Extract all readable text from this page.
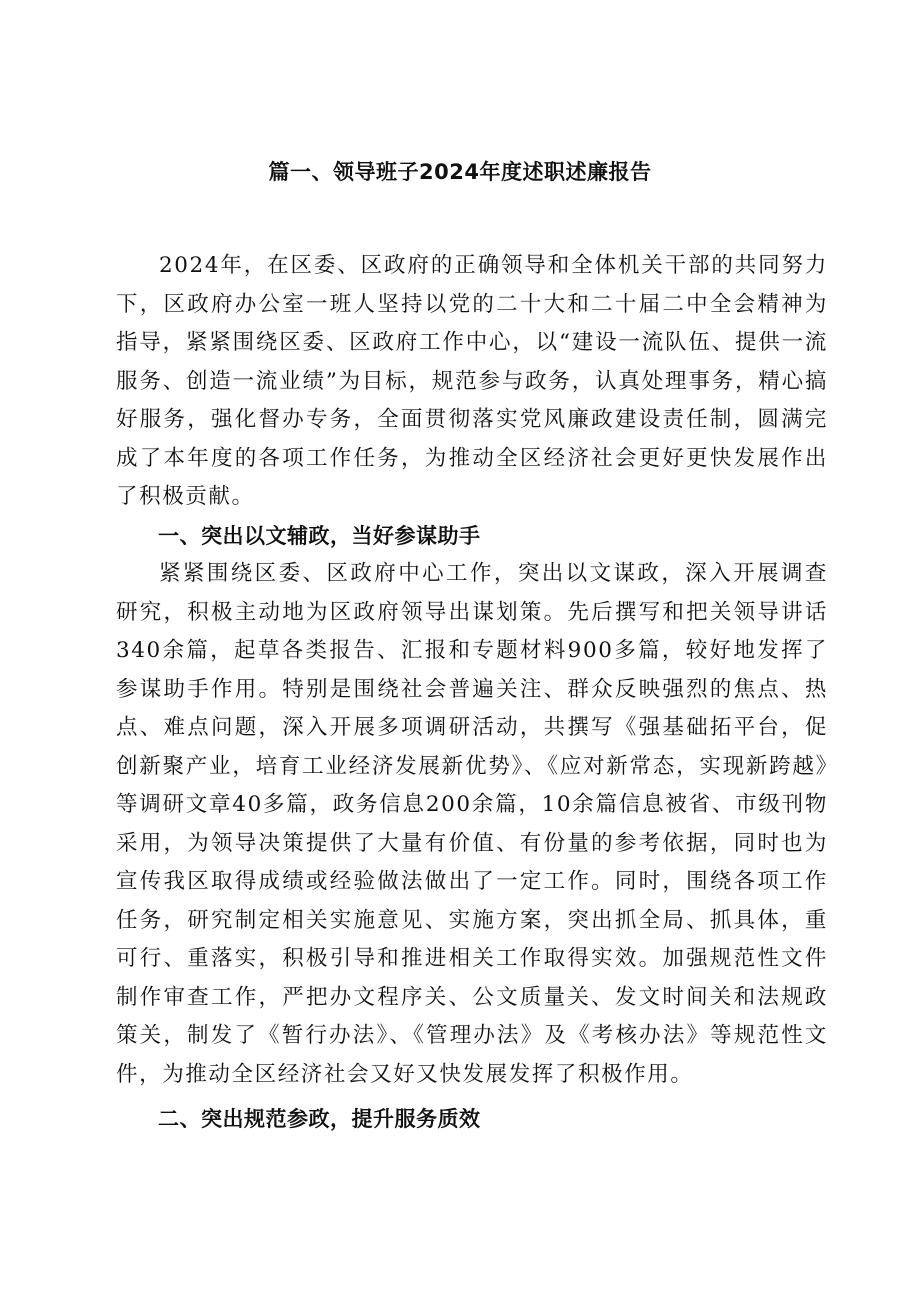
篇一、领导班子2024年度述职述廉报告

2024年，在区委、区政府的正确领导和全体机关干部的共同努力下，区政府办公室一班人坚持以党的二十大和二十届二中全会精神为指导，紧紧围绕区委、区政府工作中心，以“建设一流队伍、提供一流服务、创造一流业绩”为目标，规范参与政务，认真处理事务，精心搞好服务，强化督办专务，全面贯彻落实党风廉政建设责任制，圆满完成了本年度的各项工作任务，为推动全区经济社会更好更快发展作出了积极贡献。

一、突出以文辅政，当好参谋助手

紧紧围绕区委、区政府中心工作，突出以文谋政，深入开展调查研究，积极主动地为区政府领导出谋划策。先后撰写和把关领导讲话340余篇，起草各类报告、汇报和专题材料900多篇，较好地发挥了参谋助手作用。特别是围绕社会普遍关注、群众反映强烈的焦点、热点、难点问题，深入开展多项调研活动，共撰写《强基础拓平台，促创新聚产业，培育工业经济发展新优势》、《应对新常态，实现新跨越》等调研文章40多篇，政务信息200余篇，10余篇信息被省、市级刊物采用，为领导决策提供了大量有价值、有份量的参考依据，同时也为宣传我区取得成绩或经验做法做出了一定工作。同时，围绕各项工作任务，研究制定相关实施意见、实施方案，突出抓全局、抓具体，重可行、重落实，积极引导和推进相关工作取得实效。加强规范性文件制作审查工作，严把办文程序关、公文质量关、发文时间关和法规政策关，制发了《暂行办法》、《管理办法》及《考核办法》等规范性文件，为推动全区经济社会又好又快发展发挥了积极作用。

二、突出规范参政，提升服务质效
